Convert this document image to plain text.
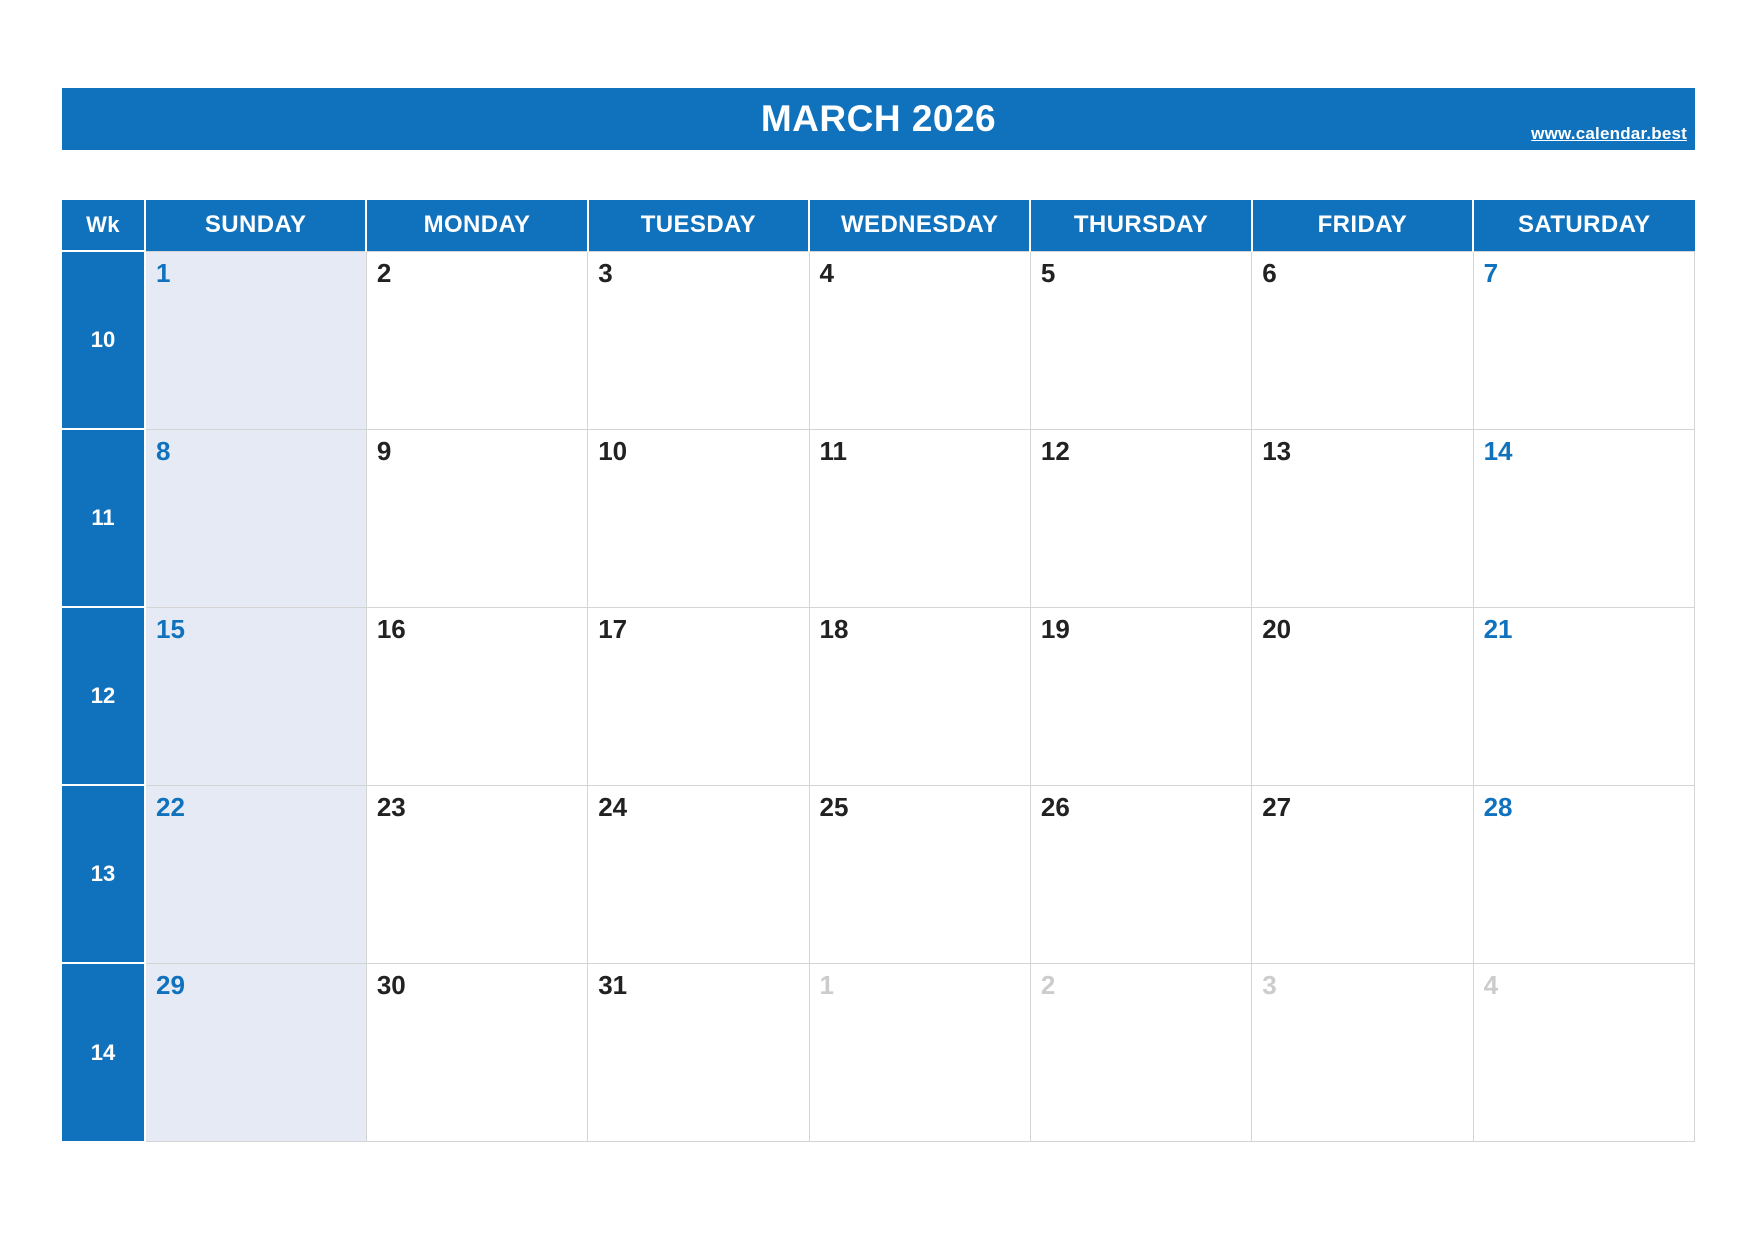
MARCH 2026	www.calendar.best
Wk	SUNDAY	MONDAY	TUESDAY	WEDNESDAY	THURSDAY	FRIDAY	SATURDAY
10	1	2	3	4	5	6	7

11	8	9	10	11	12	13	14

12	15	16	17	18	19	20	21

13	22	23	24	25	26	27	28

14	29	30	31	1	2	3	4
